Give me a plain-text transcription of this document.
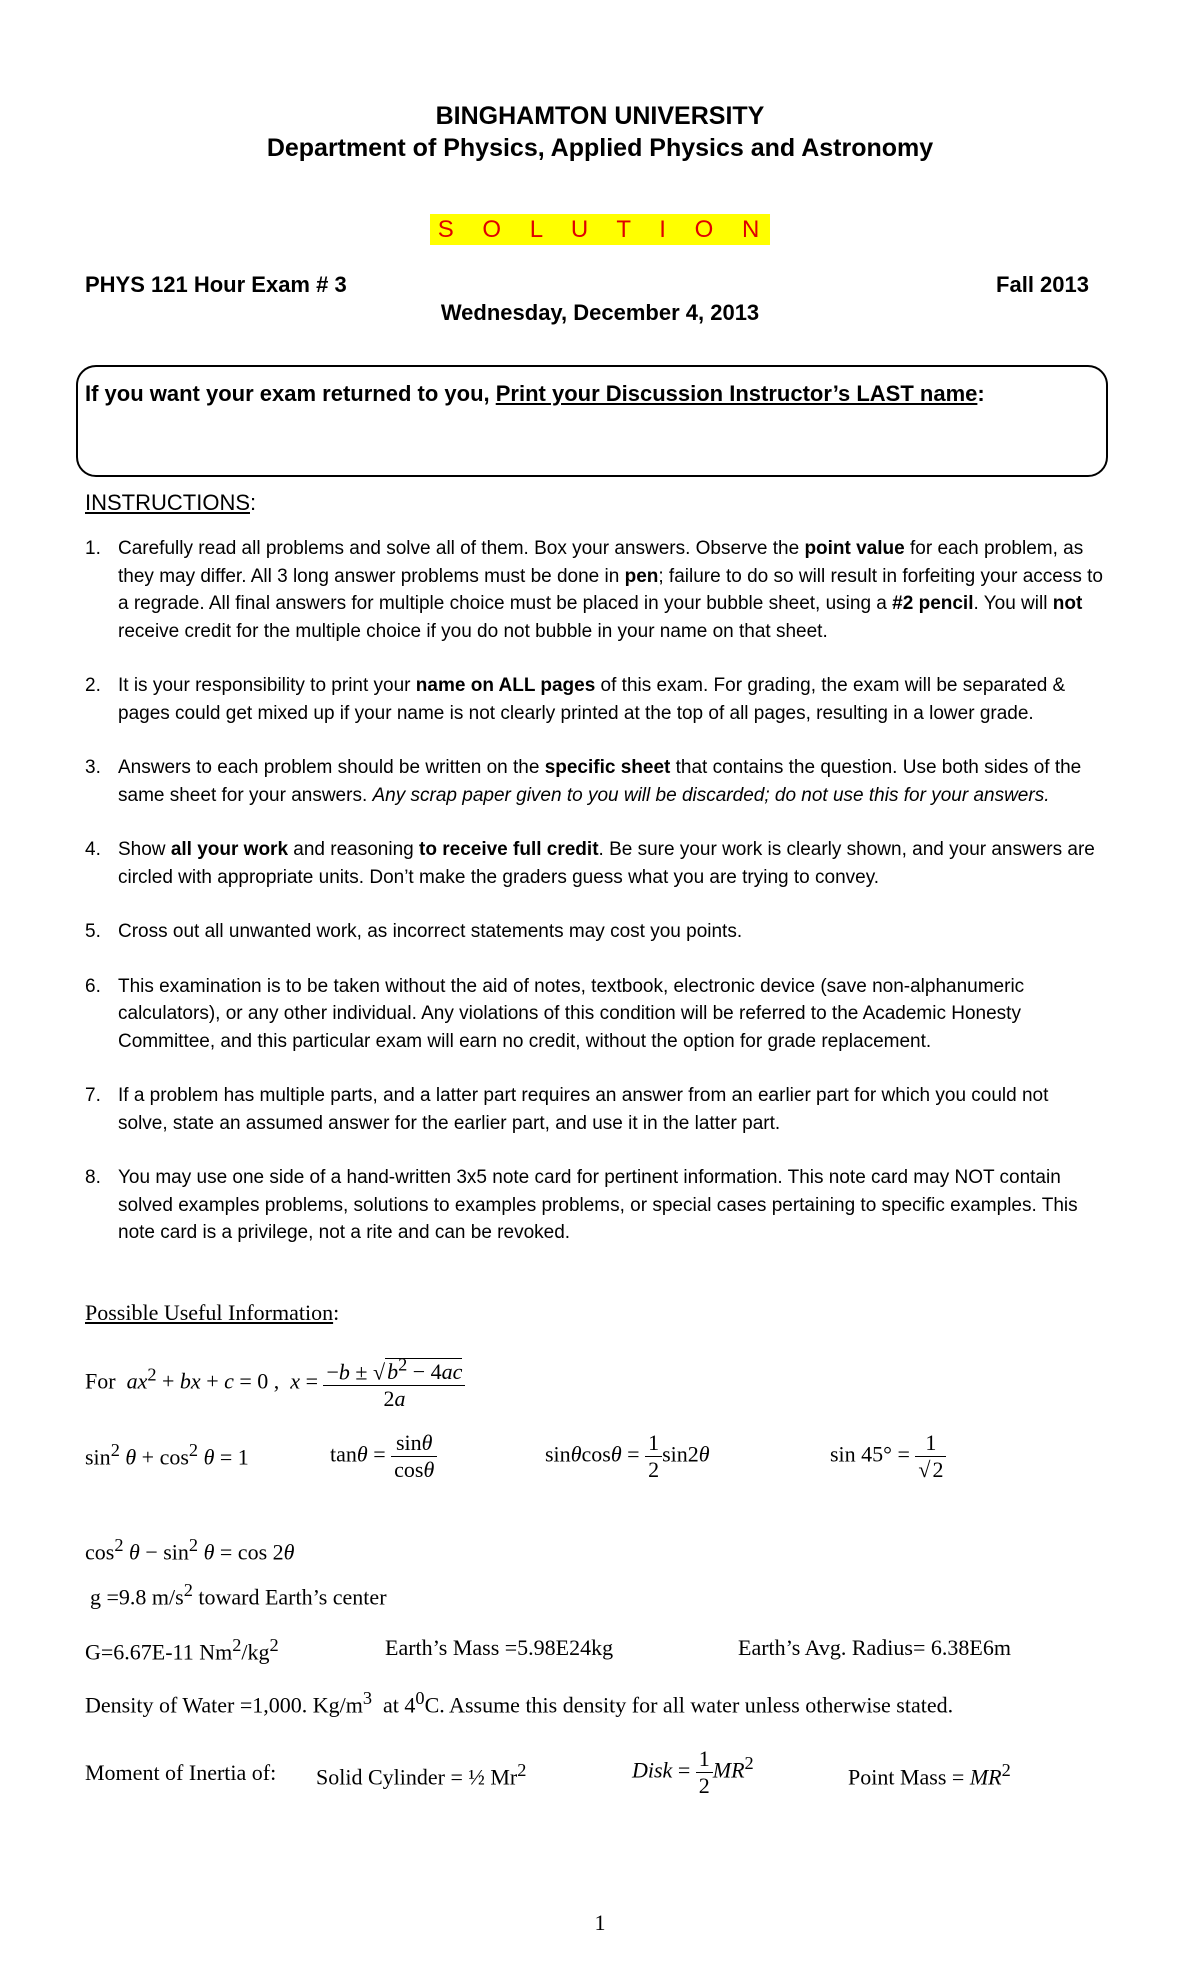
BINGHAMTON UNIVERSITY
Department of Physics, Applied Physics and Astronomy
S O L U T I O N
PHYS 121 Hour Exam # 3	Fall 2013
Wednesday, December 4, 2013
If you want your exam returned to you, Print your Discussion Instructor’s LAST name:
INSTRUCTIONS:
1. Carefully read all problems and solve all of them. Box your answers. Observe the point value for each problem, as they may differ. All 3 long answer problems must be done in pen; failure to do so will result in forfeiting your access to a regrade. All final answers for multiple choice must be placed in your bubble sheet, using a #2 pencil. You will not receive credit for the multiple choice if you do not bubble in your name on that sheet.
2. It is your responsibility to print your name on ALL pages of this exam. For grading, the exam will be separated & pages could get mixed up if your name is not clearly printed at the top of all pages, resulting in a lower grade.
3. Answers to each problem should be written on the specific sheet that contains the question. Use both sides of the same sheet for your answers. Any scrap paper given to you will be discarded; do not use this for your answers.
4. Show all your work and reasoning to receive full credit. Be sure your work is clearly shown, and your answers are circled with appropriate units. Don’t make the graders guess what you are trying to convey.
5. Cross out all unwanted work, as incorrect statements may cost you points.
6. This examination is to be taken without the aid of notes, textbook, electronic device (save non-alphanumeric calculators), or any other individual. Any violations of this condition will be referred to the Academic Honesty Committee, and this particular exam will earn no credit, without the option for grade replacement.
7. If a problem has multiple parts, and a latter part requires an answer from an earlier part for which you could not solve, state an assumed answer for the earlier part, and use it in the latter part.
8. You may use one side of a hand-written 3x5 note card for pertinent information. This note card may NOT contain solved examples problems, solutions to examples problems, or special cases pertaining to specific examples. This note card is a privilege, not a rite and can be revoked.
Possible Useful Information:
For $ax^2$ + bx + c = 0 ,  $x = \frac{-b \pm √b^2 - 4ac}{2a}$
$\sin^2 \theta + \cos^2 \theta = 1$	$\tan\theta = \frac{\sin\theta}{\cos\theta}$	$\sin\theta\cos\theta = \frac{1}{2} \sin 2\theta$	$\sin 45^\circ = \frac{1}{√2}$
$\cos^2 \theta - \sin^2 \theta = \cos 2\theta$
g =9.8 $m/s^2$ toward Earth’s center
G=6.67E-11 $Nm^2/kg^2$	Earth’s Mass =5.98E24kg	Earth’s Avg. Radius= 6.38E6m
Density of Water =1,000. $Kg/m^3$  at $4^0C$. Assume this density for all water unless otherwise stated.
Moment of Inertia of: Solid Cylinder = ½ Mr$^2$	Disk = $\frac{1}{2} MR^2$
Point Mass = $MR^2$
1
